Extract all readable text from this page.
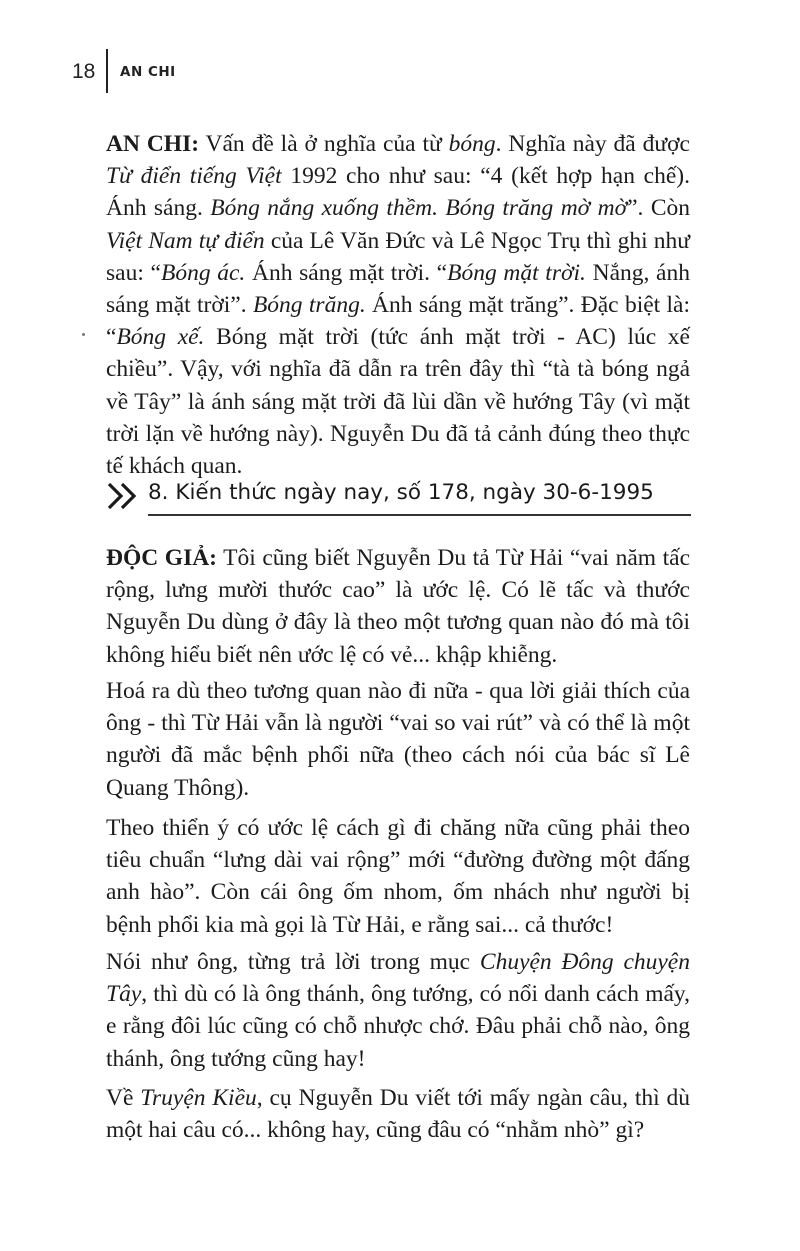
18 AN CHI

AN CHI: Vấn đề là ở nghĩa của từ bóng. Nghĩa này đã được Từ điển tiếng Việt 1992 cho như sau: “4 (kết hợp hạn chế). Ánh sáng. Bóng nắng xuống thềm. Bóng trăng mờ mờ”. Còn Việt Nam tự điển của Lê Văn Đức và Lê Ngọc Trụ thì ghi như sau: “Bóng ác. Ánh sáng mặt trời. “Bóng mặt trời. Nắng, ánh sáng mặt trời”. Bóng trăng. Ánh sáng mặt trăng”. Đặc biệt là: “Bóng xế. Bóng mặt trời (tức ánh mặt trời - AC) lúc xế chiều”. Vậy, với nghĩa đã dẫn ra trên đây thì “tà tà bóng ngả về Tây” là ánh sáng mặt trời đã lùi dần về hướng Tây (vì mặt trời lặn về hướng này). Nguyễn Du đã tả cảnh đúng theo thực tế khách quan.

8. Kiến thức ngày nay, số 178, ngày 30-6-1995

ĐỘC GIẢ: Tôi cũng biết Nguyễn Du tả Từ Hải “vai năm tấc rộng, lưng mười thước cao” là ước lệ. Có lẽ tấc và thước Nguyễn Du dùng ở đây là theo một tương quan nào đó mà tôi không hiểu biết nên ước lệ có vẻ... khập khiễng.

Hoá ra dù theo tương quan nào đi nữa - qua lời giải thích của ông - thì Từ Hải vẫn là người “vai so vai rút” và có thể là một người đã mắc bệnh phổi nữa (theo cách nói của bác sĩ Lê Quang Thông).

Theo thiển ý có ước lệ cách gì đi chăng nữa cũng phải theo tiêu chuẩn “lưng dài vai rộng” mới “đường đường một đấng anh hào”. Còn cái ông ốm nhom, ốm nhách như người bị bệnh phổi kia mà gọi là Từ Hải, e rằng sai... cả thước!

Nói như ông, từng trả lời trong mục Chuyện Đông chuyện Tây, thì dù có là ông thánh, ông tướng, có nổi danh cách mấy, e rằng đôi lúc cũng có chỗ nhược chớ. Đâu phải chỗ nào, ông thánh, ông tướng cũng hay!

Về Truyện Kiều, cụ Nguyễn Du viết tới mấy ngàn câu, thì dù một hai câu có... không hay, cũng đâu có “nhằm nhò” gì?
